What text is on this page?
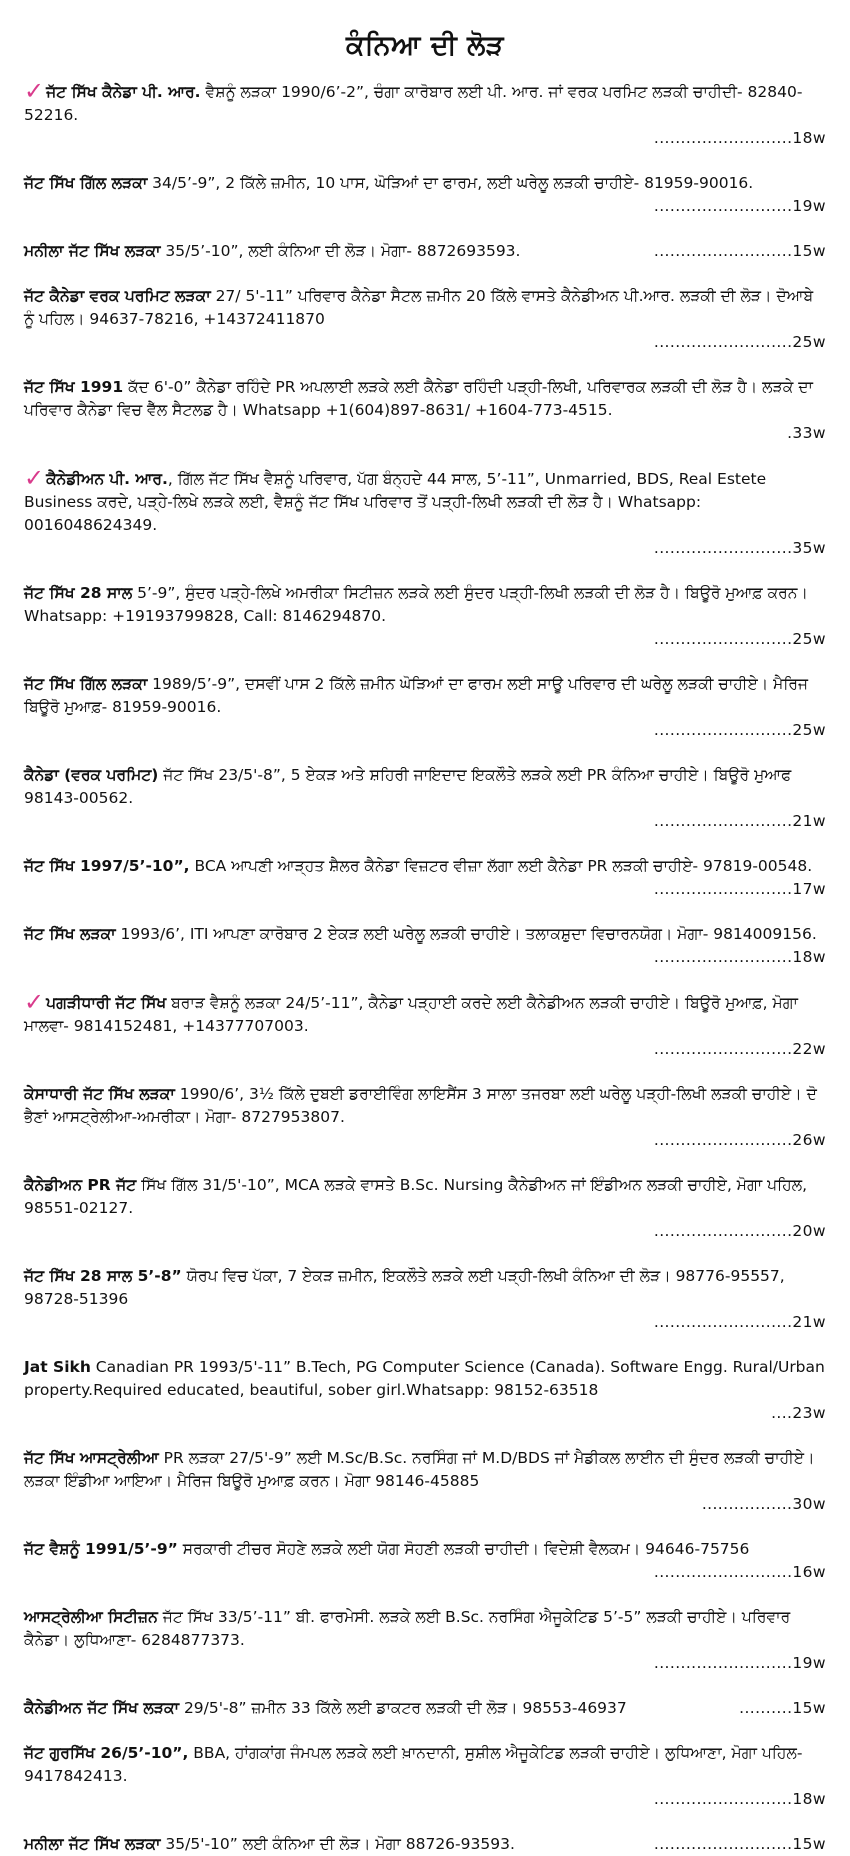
ਕੰਨਿਆ ਦੀ ਲੋੜ
✓ ਜੱਟ ਸਿੱਖ ਕੈਨੇਡਾ ਪੀ. ਆਰ. ਵੈਸ਼ਨੂੰ ਲੜਕਾ 1990/6’-2”, ਚੰਗਾ ਕਾਰੋਬਾਰ ਲਈ ਪੀ. ਆਰ. ਜਾਂ ਵਰਕ ਪਰਮਿਟ ਲੜਕੀ ਚਾਹੀਦੀ- 82840-52216.
..........................18w
ਜੱਟ ਸਿੱਖ ਗਿੱਲ ਲੜਕਾ 34/5’-9”, 2 ਕਿੱਲੇ ਜ਼ਮੀਨ, 10 ਪਾਸ, ਘੋੜਿਆਂ ਦਾ ਫਾਰਮ, ਲਈ ਘਰੇਲੂ ਲੜਕੀ ਚਾਹੀਏ- 81959-90016.
..........................19w
ਮਨੀਲਾ ਜੱਟ ਸਿੱਖ ਲੜਕਾ 35/5’-10”, ਲਈ ਕੰਨਿਆ ਦੀ ਲੋੜ। ਮੋਗਾ- 8872693593.	..........................15w
ਜੱਟ ਕੈਨੇਡਾ ਵਰਕ ਪਰਮਿਟ ਲੜਕਾ 27/ 5'-11” ਪਰਿਵਾਰ ਕੈਨੇਡਾ ਸੈਟਲ ਜ਼ਮੀਨ 20 ਕਿੱਲੇ ਵਾਸਤੇ ਕੈਨੇਡੀਅਨ ਪੀ.ਆਰ. ਲੜਕੀ ਦੀ ਲੋੜ। ਦੋਆਬੇ ਨੂੰ ਪਹਿਲ। 94637-78216, +14372411870
..........................25w
ਜੱਟ ਸਿੱਖ 1991 ਕੱਦ 6'-0” ਕੈਨੇਡਾ ਰਹਿੰਦੇ PR ਅਪਲਾਈ ਲੜਕੇ ਲਈ ਕੈਨੇਡਾ ਰਹਿੰਦੀ ਪੜ੍ਹੀ-ਲਿਖੀ, ਪਰਿਵਾਰਕ ਲੜਕੀ ਦੀ ਲੋੜ ਹੈ। ਲੜਕੇ ਦਾ ਪਰਿਵਾਰ ਕੈਨੇਡਾ ਵਿਚ ਵੈੱਲ ਸੈਟਲਡ ਹੈ। Whatsapp +1(604)897-8631/ +1604-773-4515.
.33w
✓ ਕੈਨੇਡੀਅਨ ਪੀ. ਆਰ., ਗਿੱਲ ਜੱਟ ਸਿੱਖ ਵੈਸ਼ਨੂੰ ਪਰਿਵਾਰ, ਪੱਗ ਬੰਨ੍ਹਦੇ 44 ਸਾਲ, 5’-11”, Unmarried, BDS, Real Estete Business ਕਰਦੇ, ਪੜ੍ਹੇ-ਲਿਖੇ ਲੜਕੇ ਲਈ, ਵੈਸ਼ਨੂੰ ਜੱਟ ਸਿੱਖ ਪਰਿਵਾਰ ਤੋਂ ਪੜ੍ਹੀ-ਲਿਖੀ ਲੜਕੀ ਦੀ ਲੋੜ ਹੈ। Whatsapp: 0016048624349.
..........................35w
ਜੱਟ ਸਿੱਖ 28 ਸਾਲ 5’-9”, ਸੁੰਦਰ ਪੜ੍ਹੇ-ਲਿਖੇ ਅਮਰੀਕਾ ਸਿਟੀਜ਼ਨ ਲੜਕੇ ਲਈ ਸੁੰਦਰ ਪੜ੍ਹੀ-ਲਿਖੀ ਲੜਕੀ ਦੀ ਲੋੜ ਹੈ। ਬਿਊਰੋ ਮੁਆਫ਼ ਕਰਨ। Whatsapp: +19193799828, Call: 8146294870.
..........................25w
ਜੱਟ ਸਿੱਖ ਗਿੱਲ ਲੜਕਾ 1989/5’-9”, ਦਸਵੀਂ ਪਾਸ 2 ਕਿੱਲੇ ਜ਼ਮੀਨ ਘੋੜਿਆਂ ਦਾ ਫਾਰਮ ਲਈ ਸਾਊ ਪਰਿਵਾਰ ਦੀ ਘਰੇਲੂ ਲੜਕੀ ਚਾਹੀਏ। ਮੈਰਿਜ ਬਿਊਰੋ ਮੁਆਫ਼- 81959-90016.
..........................25w
ਕੈਨੇਡਾ (ਵਰਕ ਪਰਮਿਟ) ਜੱਟ ਸਿੱਖ 23/5'-8”, 5 ਏਕੜ ਅਤੇ ਸ਼ਹਿਰੀ ਜਾਇਦਾਦ ਇਕਲੌਤੇ ਲੜਕੇ ਲਈ PR ਕੰਨਿਆ ਚਾਹੀਏ। ਬਿਊਰੋ ਮੁਆਫ 98143-00562.
..........................21w
ਜੱਟ ਸਿੱਖ 1997/5’-10”, BCA ਆਪਣੀ ਆੜ੍ਹਤ ਸ਼ੈਲਰ ਕੈਨੇਡਾ ਵਿਜ਼ਟਰ ਵੀਜ਼ਾ ਲੱਗਾ ਲਈ ਕੈਨੇਡਾ PR ਲੜਕੀ ਚਾਹੀਏ- 97819-00548.
..........................17w
ਜੱਟ ਸਿੱਖ ਲੜਕਾ 1993/6’, ITI ਆਪਣਾ ਕਾਰੋਬਾਰ 2 ਏਕੜ ਲਈ ਘਰੇਲੂ ਲੜਕੀ ਚਾਹੀਏ। ਤਲਾਕਸ਼ੁਦਾ ਵਿਚਾਰਨਯੋਗ। ਮੋਗਾ- 9814009156.
..........................18w
✓ ਪਗੜੀਧਾਰੀ ਜੱਟ ਸਿੱਖ ਬਰਾੜ ਵੈਸ਼ਨੂੰ ਲੜਕਾ 24/5’-11”, ਕੈਨੇਡਾ ਪੜ੍ਹਾਈ ਕਰਦੇ ਲਈ ਕੈਨੇਡੀਅਨ ਲੜਕੀ ਚਾਹੀਏ। ਬਿਊਰੋ ਮੁਆਫ਼, ਮੋਗਾ ਮਾਲਵਾ- 9814152481, +14377707003.
..........................22w
ਕੇਸਾਧਾਰੀ ਜੱਟ ਸਿੱਖ ਲੜਕਾ 1990/6’, 3½ ਕਿੱਲੇ ਦੁਬਈ ਡਰਾਈਵਿੰਗ ਲਾਇਸੈਂਸ 3 ਸਾਲਾ ਤਜਰਬਾ ਲਈ ਘਰੇਲੂ ਪੜ੍ਹੀ-ਲਿਖੀ ਲੜਕੀ ਚਾਹੀਏ। ਦੋ ਭੈਣਾਂ ਆਸਟ੍ਰੇਲੀਆ-ਅਮਰੀਕਾ। ਮੋਗਾ- 8727953807.
..........................26w
ਕੈਨੇਡੀਅਨ PR ਜੱਟ ਸਿੱਖ ਗਿੱਲ 31/5'-10”, MCA ਲੜਕੇ ਵਾਸਤੇ B.Sc. Nursing ਕੈਨੇਡੀਅਨ ਜਾਂ ਇੰਡੀਅਨ ਲੜਕੀ ਚਾਹੀਏ, ਮੋਗਾ ਪਹਿਲ, 98551-02127.
..........................20w
ਜੱਟ ਸਿੱਖ 28 ਸਾਲ 5’-8” ਯੋਰਪ ਵਿਚ ਪੱਕਾ, 7 ਏਕੜ ਜ਼ਮੀਨ, ਇਕਲੌਤੇ ਲੜਕੇ ਲਈ ਪੜ੍ਹੀ-ਲਿਖੀ ਕੰਨਿਆ ਦੀ ਲੋੜ। 98776-95557, 98728-51396
..........................21w
Jat Sikh Canadian PR 1993/5'-11” B.Tech, PG Computer Science (Canada). Software Engg. Rural/Urban property.Required educated, beautiful, sober girl.Whatsapp: 98152-63518
....23w
ਜੱਟ ਸਿੱਖ ਆਸਟ੍ਰੇਲੀਆ PR ਲੜਕਾ 27/5'-9” ਲਈ M.Sc/B.Sc. ਨਰਸਿੰਗ ਜਾਂ M.D/BDS ਜਾਂ ਮੈਡੀਕਲ ਲਾਈਨ ਦੀ ਸੁੰਦਰ ਲੜਕੀ ਚਾਹੀਏ। ਲੜਕਾ ਇੰਡੀਆ ਆਇਆ। ਮੈਰਿਜ ਬਿਊਰੋ ਮੁਆਫ਼ ਕਰਨ। ਮੋਗਾ 98146-45885
.................30w
ਜੱਟ ਵੈਸ਼ਨੂੰ 1991/5’-9” ਸਰਕਾਰੀ ਟੀਚਰ ਸੋਹਣੇ ਲੜਕੇ ਲਈ ਯੋਗ ਸੋਹਣੀ ਲੜਕੀ ਚਾਹੀਦੀ। ਵਿਦੇਸ਼ੀ ਵੈਲਕਮ। 94646-75756
..........................16w
ਆਸਟ੍ਰੇਲੀਆ ਸਿਟੀਜ਼ਨ ਜੱਟ ਸਿੱਖ 33/5’-11” ਬੀ. ਫਾਰਮੇਸੀ. ਲੜਕੇ ਲਈ B.Sc. ਨਰਸਿੰਗ ਐਜੂਕੇਟਿਡ 5’-5” ਲੜਕੀ ਚਾਹੀਏ। ਪਰਿਵਾਰ ਕੈਨੇਡਾ। ਲੁਧਿਆਣਾ- 6284877373.
..........................19w
ਕੈਨੇਡੀਅਨ ਜੱਟ ਸਿੱਖ ਲੜਕਾ 29/5'-8” ਜ਼ਮੀਨ 33 ਕਿੱਲੇ ਲਈ ਡਾਕਟਰ ਲੜਕੀ ਦੀ ਲੋੜ। 98553-46937	..........15w
ਜੱਟ ਗੁਰਸਿੱਖ 26/5’-10”, BBA, ਹਾਂਗਕਾਂਗ ਜੰਮਪਲ ਲੜਕੇ ਲਈ ਖ਼ਾਨਦਾਨੀ, ਸੁਸ਼ੀਲ ਐਜੂਕੇਟਿਡ ਲੜਕੀ ਚਾਹੀਏ। ਲੁਧਿਆਣਾ, ਮੋਗਾ ਪਹਿਲ- 9417842413.
..........................18w
ਮਨੀਲਾ ਜੱਟ ਸਿੱਖ ਲੜਕਾ 35/5'-10” ਲਈ ਕੰਨਿਆ ਦੀ ਲੋੜ। ਮੋਗਾ 88726-93593.	..........................15w
